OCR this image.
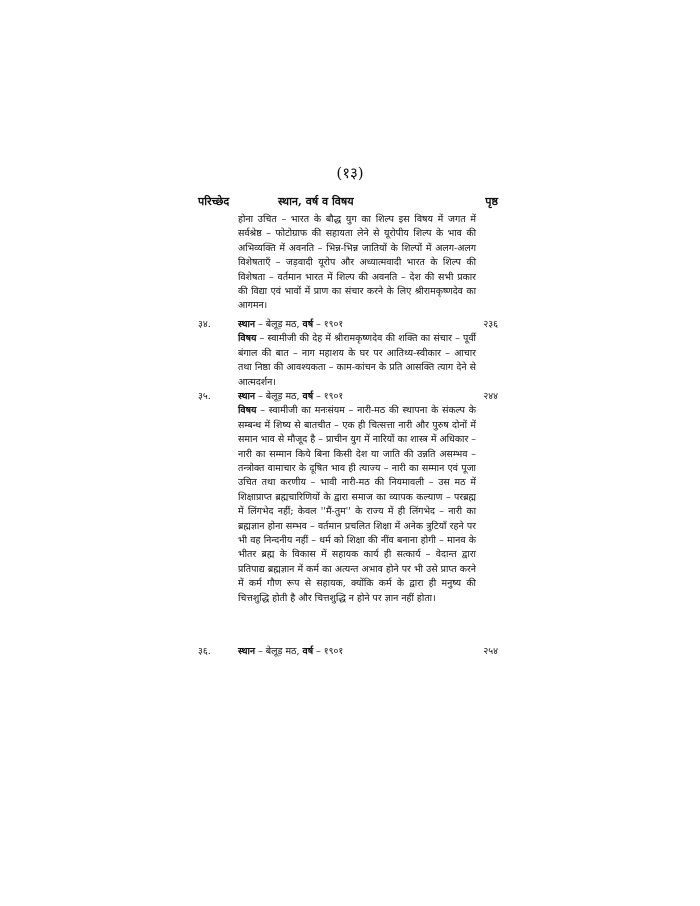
(१३)
परिच्छेद	स्थान, वर्ष व विषय	पृष्ठ
होना उचित – भारत के बौद्ध युग का शिल्प इस विषय में जगत में सर्वश्रेष्ठ – फोटोग्राफ की सहायता लेने से यूरोपीय शिल्प के भाव की अभिव्यक्ति में अवनति – भिन्न-भिन्न जातियों के शिल्पों में अलग-अलग विशेषताएँ – जड़वादी यूरोप और अध्यात्मवादी भारत के शिल्प की विशेषता – वर्तमान भारत में शिल्प की अवनति – देश की सभी प्रकार की विद्या एवं भावों में प्राण का संचार करने के लिए श्रीरामकृष्णदेव का आगमन।
३४.	२३६
स्थान – बेलूड़ मठ, वर्ष – १९०१
विषय – स्वामीजी की देह में श्रीरामकृष्णदेव की शक्ति का संचार – पूर्वी बंगाल की बात – नाग महाशय के घर पर आतिथ्य-स्वीकार – आचार तथा निष्ठा की आवश्यकता – काम-कांचन के प्रति आसक्ति त्याग देने से आत्मदर्शन।
३५.	२४४
स्थान – बेलूड़ मठ, वर्ष – १९०१
विषय – स्वामीजी का मनःसंयम – नारी-मठ की स्थापना के संकल्प के सम्बन्ध में शिष्य से बातचीत – एक ही चित्सत्ता नारी और पुरुष दोनों में समान भाव से मौजूद है – प्राचीन युग में नारियों का शास्त्र में अधिकार – नारी का सम्मान किये बिना किसी देश या जाति की उन्नति असम्भव – तन्त्रोक्त वामाचार के दूषित भाव ही त्याज्य – नारी का सम्मान एवं पूजा उचित तथा करणीय – भावी नारी-मठ की नियमावली – उस मठ में शिक्षाप्राप्त ब्रह्मचारिणियों के द्वारा समाज का व्यापक कल्याण – परब्रह्म में लिंगभेद नहीं; केवल ''मैं-तुम'' के राज्य में ही लिंगभेद – नारी का ब्रह्मज्ञान होना सम्भव – वर्तमान प्रचलित शिक्षा में अनेक त्रुटियाँ रहने पर भी वह निन्दनीय नहीं – धर्म को शिक्षा की नींव बनाना होगी – मानव के भीतर ब्रह्म के विकास में सहायक कार्य ही सत्कार्य – वेदान्त द्वारा प्रतिपाद्य ब्रह्मज्ञान में कर्म का अत्यन्त अभाव होने पर भी उसे प्राप्त करने में कर्म गौण रूप से सहायक, क्योंकि कर्म के द्वारा ही मनुष्य की चित्तशुद्धि होती है और चित्तशुद्धि न होने पर ज्ञान नहीं होता।
३६.	२५४
स्थान – बेलूड़ मठ, वर्ष – १९०१
